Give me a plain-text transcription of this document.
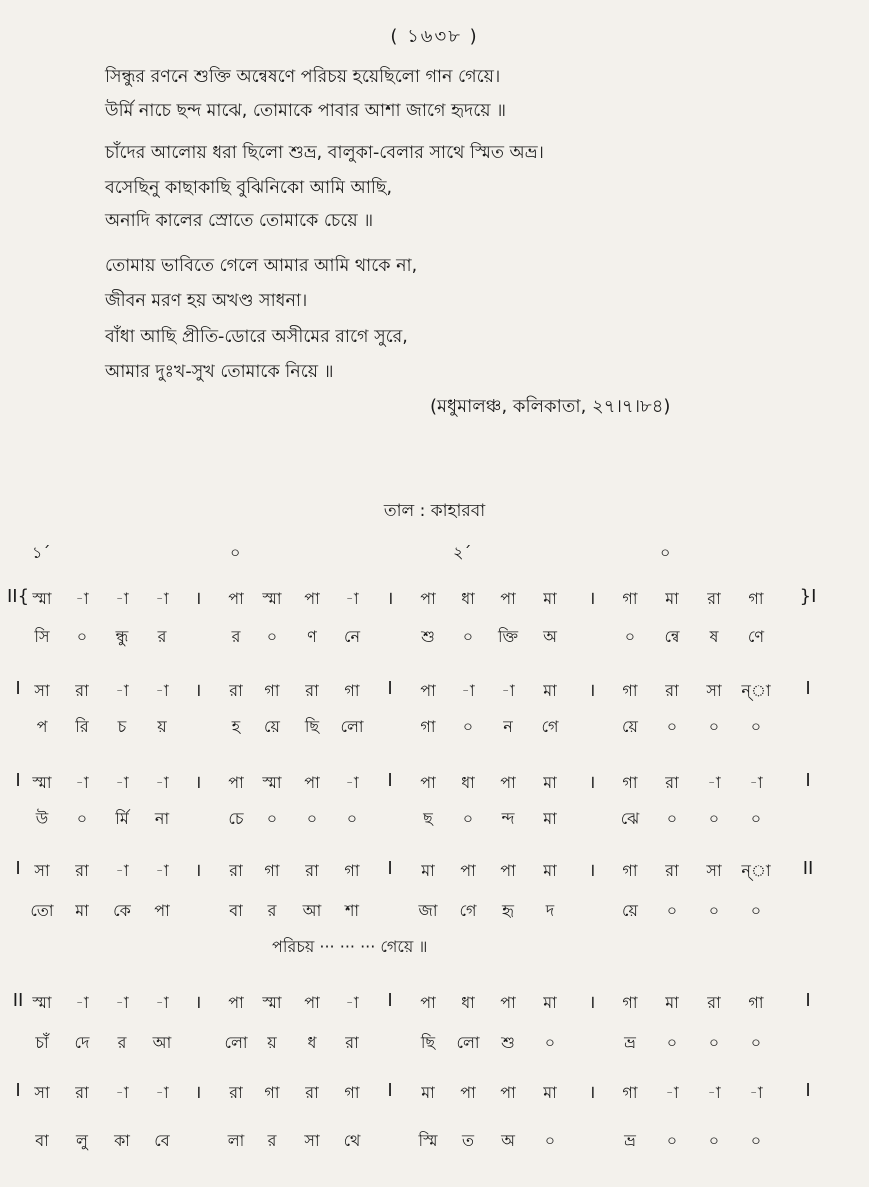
( ১৬৩৮ )
সিন্ধুর রণনে শুক্তি অন্বেষণে পরিচয় হয়েছিলো গান গেয়ে।
উর্মি নাচে ছন্দ মাঝে, তোমাকে পাবার আশা জাগে হৃদয়ে ॥
চাঁদের আলোয় ধরা ছিলো শুভ্র, বালুকা-বেলার সাথে স্মিত অভ্র।
বসেছিনু কাছাকাছি বুঝিনিকো আমি আছি,
অনাদি কালের স্রোতে তোমাকে চেয়ে ॥
তোমায় ভাবিতে গেলে আমার আমি থাকে না,
জীবন মরণ হয় অখণ্ড সাধনা।
বাঁধা আছি প্রীতি-ডোরে অসীমের রাগে সুরে,
আমার দুঃখ-সুখ তোমাকে নিয়ে ॥
(মধুমালঞ্চ, কলিকাতা, ২৭।৭।৮৪)
তাল : কাহারবা
১´	০	২´	০
II{ স্মা -া -া -া । পা স্মা পা -া । পা ধা পা মা । গা মা রা গা }I
সি ০ ন্ধু র	র ০ ণ নে	শু ০ ক্তি অ	০ ন্বে ষ ণে
I সা রা -া -া । রা গা রা গা I পা -া -া মা । গা রা সা ন্া I
প রি চ য়	হ য়ে ছি লো	গা ০ ন গে	য়ে ০ ০ ০
I স্মা -া -া -া । পা স্মা পা -া I পা ধা পা মা । গা রা -া -া I
উ ০ র্মি না	চে ০ ০ ০	ছ ০ ন্দ মা	ঝে ০ ০ ০
I সা রা -া -া । রা গা রা গা I মা পা পা মা । গা রা সা ন্া II
তো মা কে পা	বা র আ শা	জা গে হৃ দ	য়ে ০ ০ ০
II স্মা -া -া -া । পা স্মা পা -া I পা ধা পা মা । গা মা রা গা I
চাঁ দে র আ	লো য় ধ রা	ছি লো শু ০	ভ্র ০ ০ ০
I সা রা -া -া । রা গা রা গা I মা পা পা মা । গা -া -া -া I
বা লু কা বে	লা র সা থে	স্মি ত অ ০	ভ্র ০ ০ ০
পরিচয় ··· ··· ··· গেয়ে ॥
